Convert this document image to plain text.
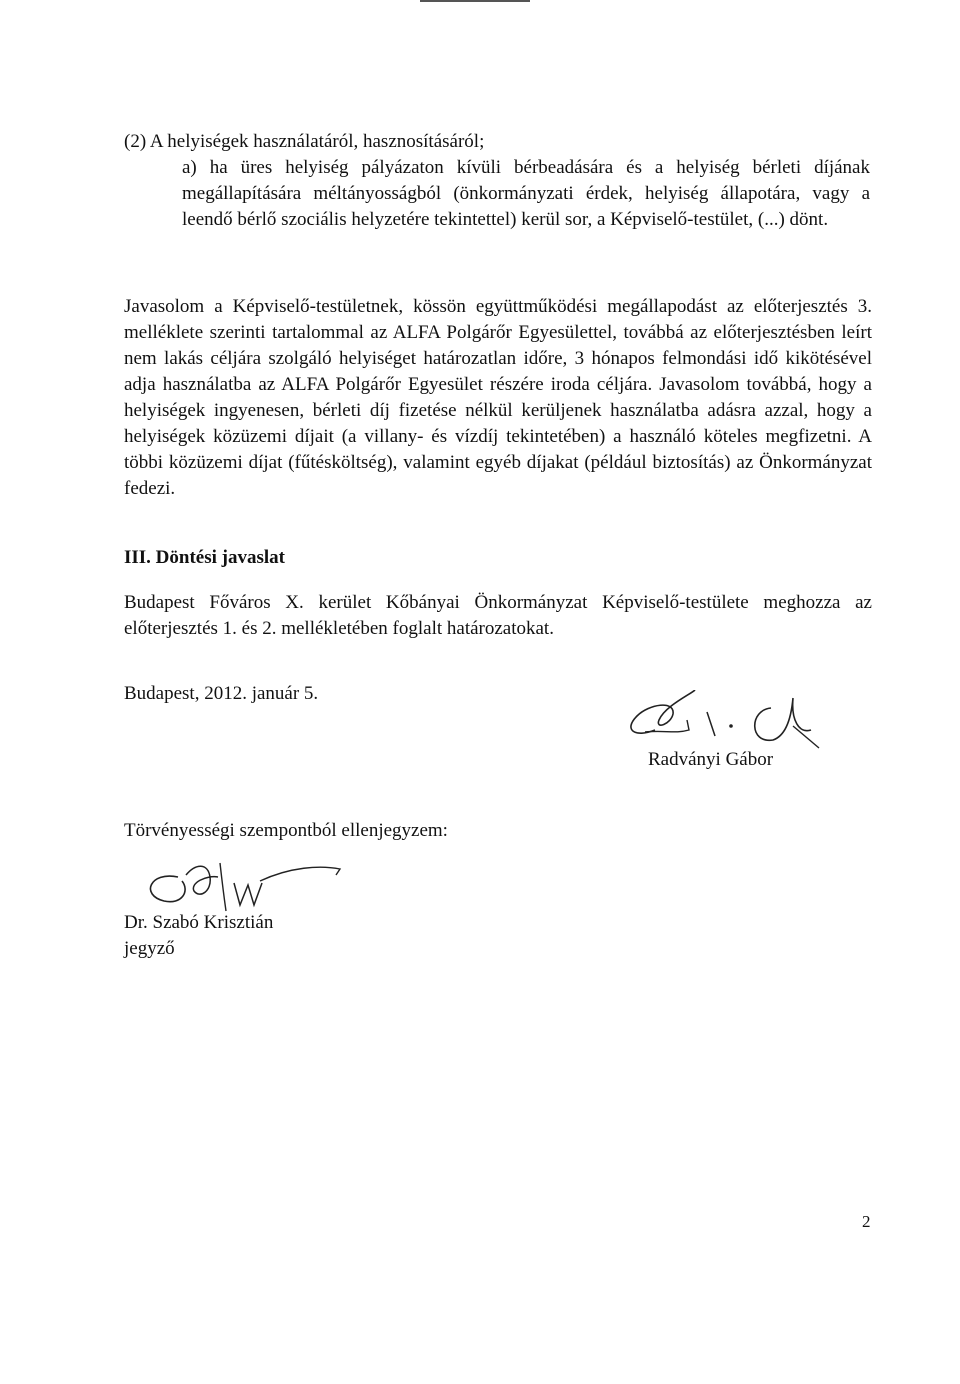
(2) A helyiségek használatáról, hasznosításáról;
a) ha üres helyiség pályázaton kívüli bérbeadására és a helyiség bérleti díjának megállapítására méltányosságból (önkormányzati érdek, helyiség állapotára, vagy a leendő bérlő szociális helyzetére tekintettel) kerül sor, a Képviselő-testület, (...) dönt.
Javasolom a Képviselő-testületnek, kössön együttműködési megállapodást az előterjesztés 3. melléklete szerinti tartalommal az ALFA Polgárőr Egyesülettel, továbbá az előterjesztésben leírt nem lakás céljára szolgáló helyiséget határozatlan időre, 3 hónapos felmondási idő kikötésével adja használatba az ALFA Polgárőr Egyesület részére iroda céljára. Javasolom továbbá, hogy a helyiségek ingyenesen, bérleti díj fizetése nélkül kerüljenek használatba adásra azzal, hogy a helyiségek közüzemi díjait (a villany- és vízdíj tekintetében) a használó köteles megfizetni. A többi közüzemi díjat (fűtésköltség), valamint egyéb díjakat (például biztosítás) az Önkormányzat fedezi.
III. Döntési javaslat
Budapest Főváros X. kerület Kőbányai Önkormányzat Képviselő-testülete meghozza az előterjesztés 1. és 2. mellékletében foglalt határozatokat.
Budapest, 2012. január 5.
Radványi Gábor
Törvényességi szempontból ellenjegyzem:
Dr. Szabó Krisztián
jegyző
2
